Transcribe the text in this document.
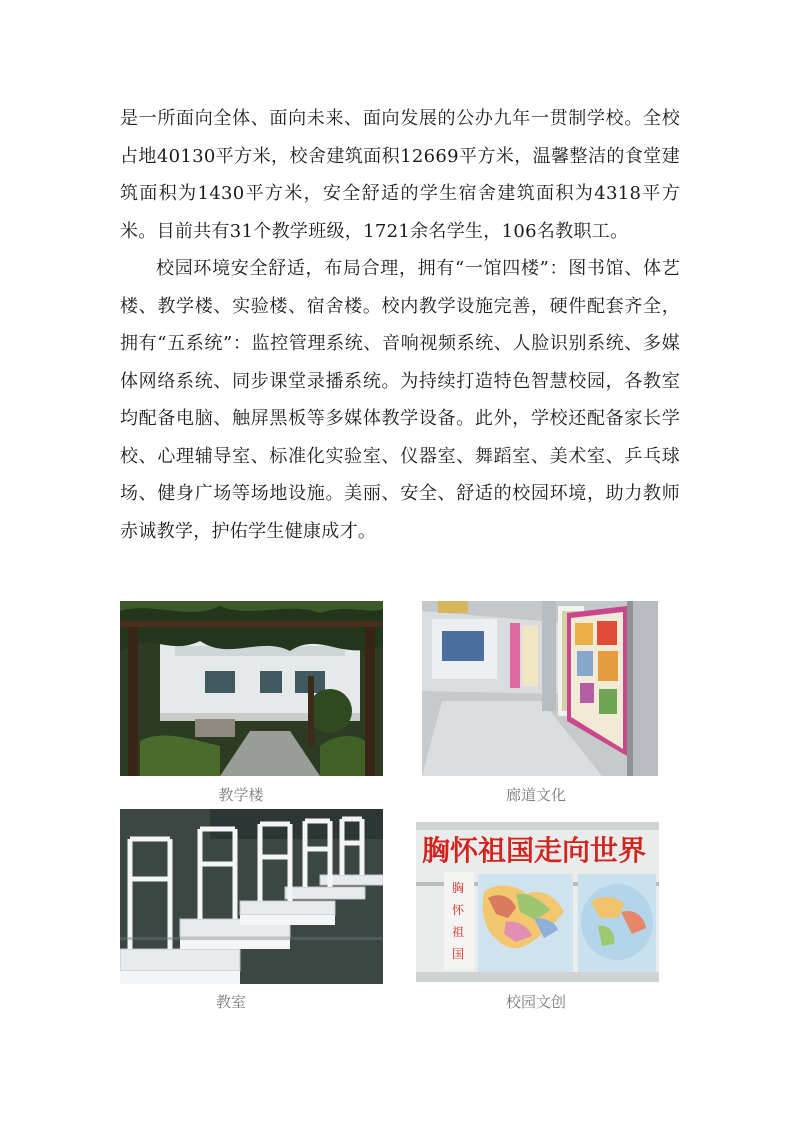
是一所面向全体、面向未来、面向发展的公办九年一贯制学校。全校占地40130平方米，校舍建筑面积12669平方米，温馨整洁的食堂建筑面积为1430平方米，安全舒适的学生宿舍建筑面积为4318平方米。目前共有31个教学班级，1721余名学生，106名教职工。

校园环境安全舒适，布局合理，拥有“一馆四楼”：图书馆、体艺楼、教学楼、实验楼、宿舍楼。校内教学设施完善，硬件配套齐全，拥有“五系统”：监控管理系统、音响视频系统、人脸识别系统、多媒体网络系统、同步课堂录播系统。为持续打造特色智慧校园，各教室均配备电脑、触屏黑板等多媒体教学设备。此外，学校还配备家长学校、心理辅导室、标准化实验室、仪器室、舞蹈室、美术室、乒乓球场、健身广场等场地设施。美丽、安全、舒适的校园环境，助力教师赤诚教学，护佑学生健康成才。

教学楼	廊道文化
教室
胸怀祖国走向世界
胸
怀
祖
国
校园文创
